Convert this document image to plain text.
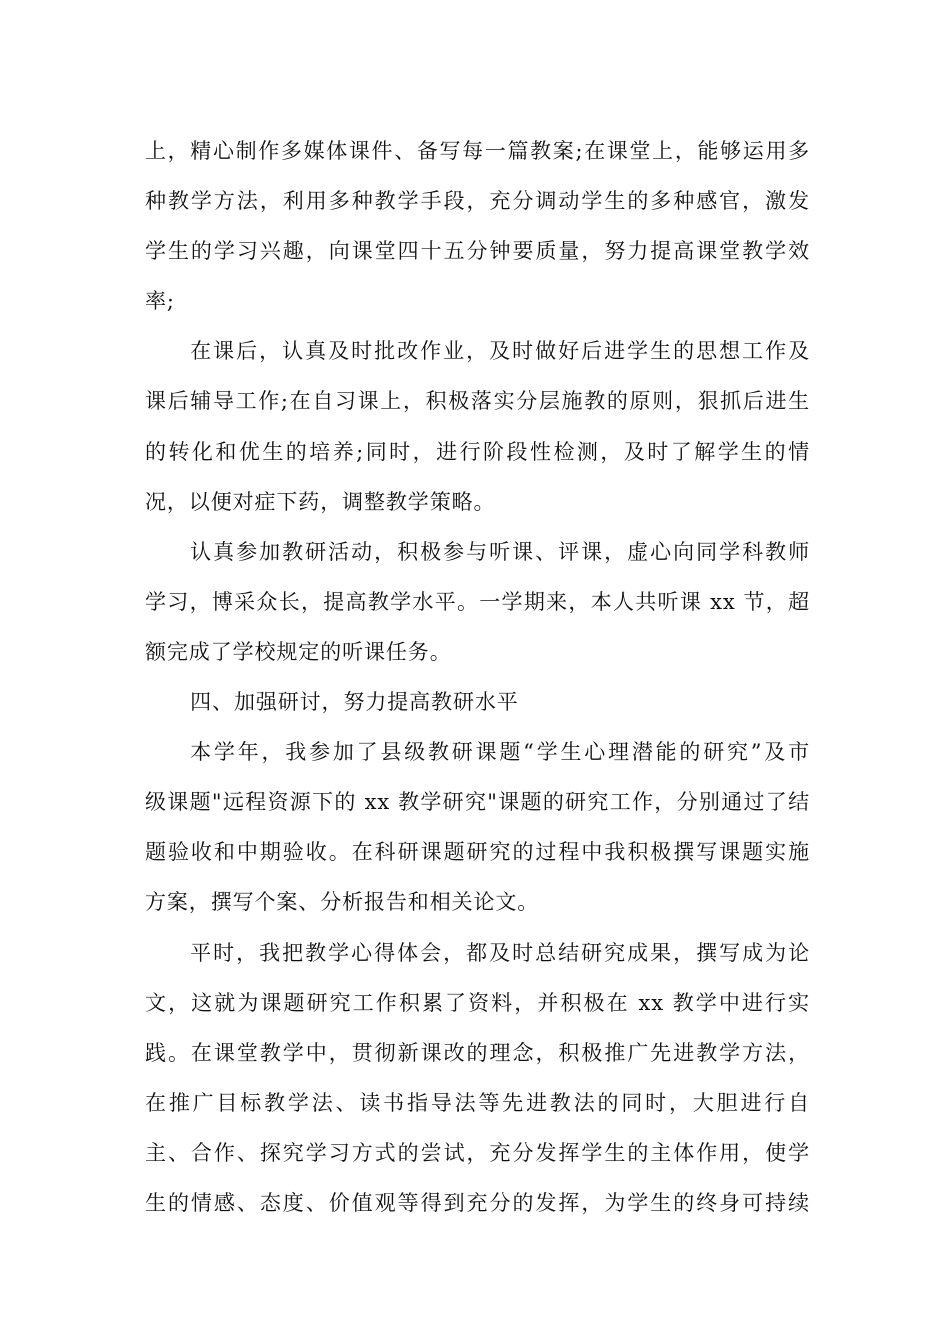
上，精心制作多媒体课件、备写每一篇教案;在课堂上，能够运用多
种教学方法，利用多种教学手段，充分调动学生的多种感官，激发
学生的学习兴趣，向课堂四十五分钟要质量，努力提高课堂教学效
率;

在课后，认真及时批改作业，及时做好后进学生的思想工作及
课后辅导工作;在自习课上，积极落实分层施教的原则，狠抓后进生
的转化和优生的培养;同时，进行阶段性检测，及时了解学生的情
况，以便对症下药，调整教学策略。

认真参加教研活动，积极参与听课、评课，虚心向同学科教师
学习，博采众长，提高教学水平。一学期来，本人共听课 xx 节，超
额完成了学校规定的听课任务。

四、加强研讨，努力提高教研水平

本学年，我参加了县级教研课题“学生心理潜能的研究”及市
级课题"远程资源下的 xx 教学研究"课题的研究工作，分别通过了结
题验收和中期验收。在科研课题研究的过程中我积极撰写课题实施
方案，撰写个案、分析报告和相关论文。

平时，我把教学心得体会，都及时总结研究成果，撰写成为论
文，这就为课题研究工作积累了资料，并积极在 xx 教学中进行实
践。在课堂教学中，贯彻新课改的理念，积极推广先进教学方法，
在推广目标教学法、读书指导法等先进教法的同时，大胆进行自
主、合作、探究学习方式的尝试，充分发挥学生的主体作用，使学
生的情感、态度、价值观等得到充分的发挥，为学生的终身可持续
